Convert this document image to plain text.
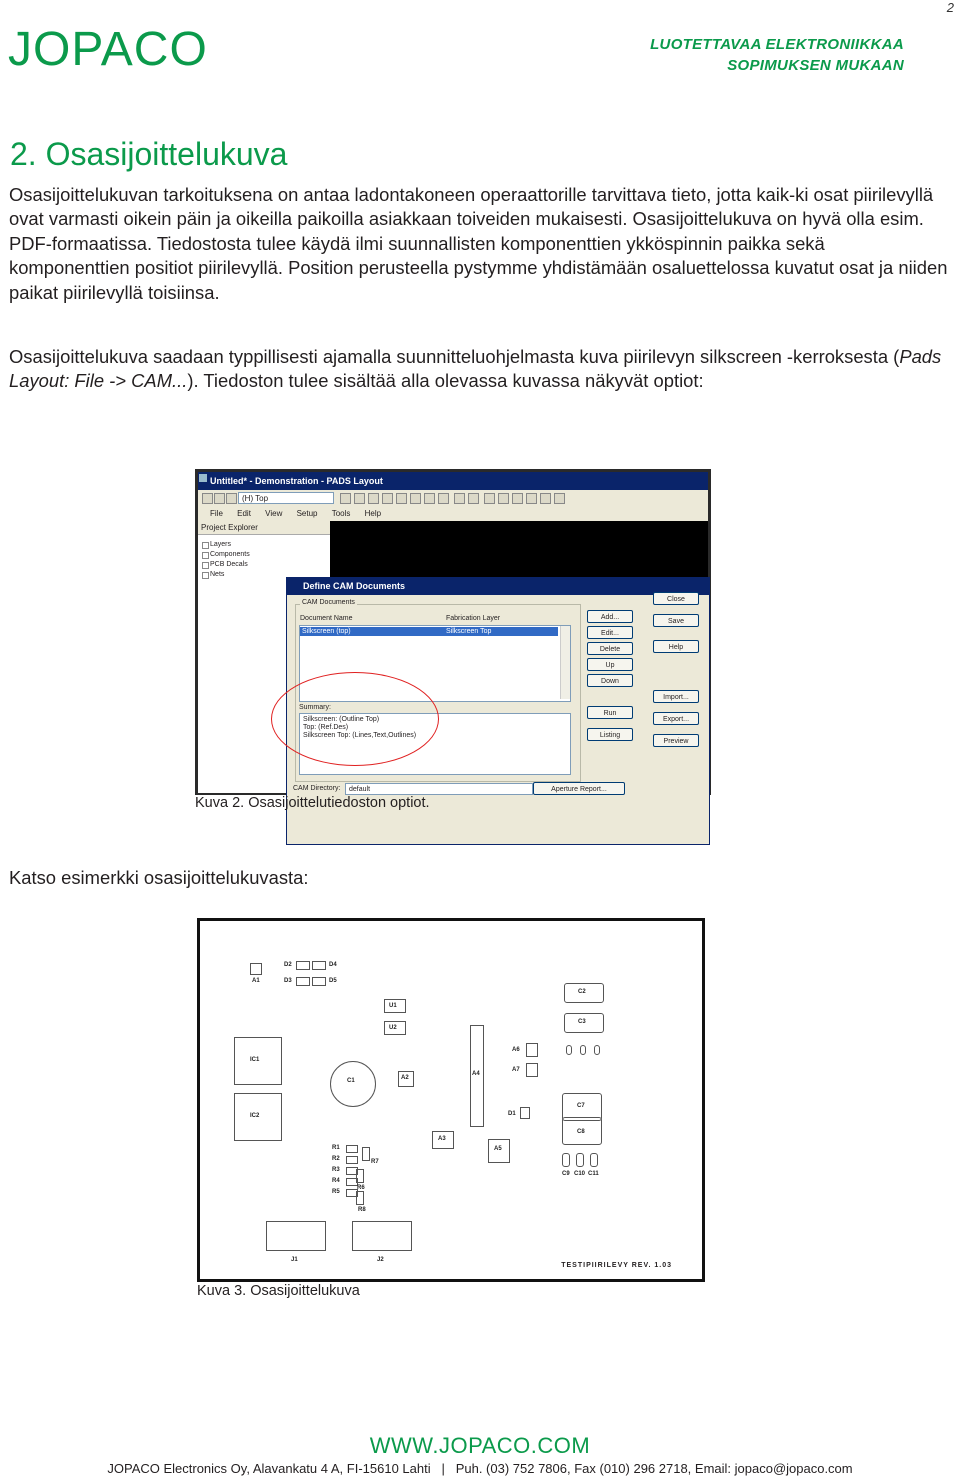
2
JOPACO	LUOTETTAVAA ELEKTRONIIKKAA
SOPIMUKSEN MUKAAN
2. Osasijoittelukuva

Osasijoittelukuvan tarkoituksena on antaa ladontakoneen operaattorille tarvittava tieto, jotta kaik-ki osat piirilevyllä ovat varmasti oikein päin ja oikeilla paikoilla asiakkaan toiveiden mukaisesti. Osasijoittelukuva on hyvä olla esim. PDF-formaatissa. Tiedostosta tulee käydä ilmi suunnallisten komponenttien ykköspinnin paikka sekä komponenttien positiot piirilevyllä. Position perusteella pystymme yhdistämään osaluettelossa kuvatut osat ja niiden paikat piirilevyllä toisiinsa.

Osasijoittelukuva saadaan typpillisesti ajamalla suunnitteluohjelmasta kuva piirilevyn silkscreen -kerroksesta (Pads Layout: File -> CAM...). Tiedoston tulee sisältää alla olevassa kuvassa näkyvät optiot:

Untitled* - Demonstration - PADS Layout
(H) Top
File Edit View Setup Tools Help
Project Explorer
Layers
Components
PCB Decals
Nets
Define CAM Documents
CAM Documents
Document Name	Fabrication Layer
Silkscreen (top)	Silkscreen Top
Summary:
Silkscreen: (Outline Top)
Top: (Ref.Des)
Silkscreen Top: (Lines,Text,Outlines)
Add...
Edit...
Delete
Up
Down
Run
Listing
Close
Save
Help
Import...
Export...
Preview
CAM Directory:	default	Aperture Report...
Kuva 2. Osasijoittelutiedoston optiot.

Katso esimerkki osasijoittelukuvasta:

A1
D2	D4
D3	D5
U1
U2
C2
C3
IC1
IC2
A4
A6
A7
C7
C8
D1
C1	A2
A3
A5
R1
R2
R3
R4
R5
R7
R6
R8
C9 C10 C11
J1	J2
TESTIPIIRILEVY REV. 1.03
Kuva 3. Osasijoittelukuva
WWW.JOPACO.COM
JOPACO Electronics Oy, Alavankatu 4 A, FI-15610 Lahti   |   Puh. (03) 752 7806, Fax (010) 296 2718, Email: jopaco@jopaco.com
